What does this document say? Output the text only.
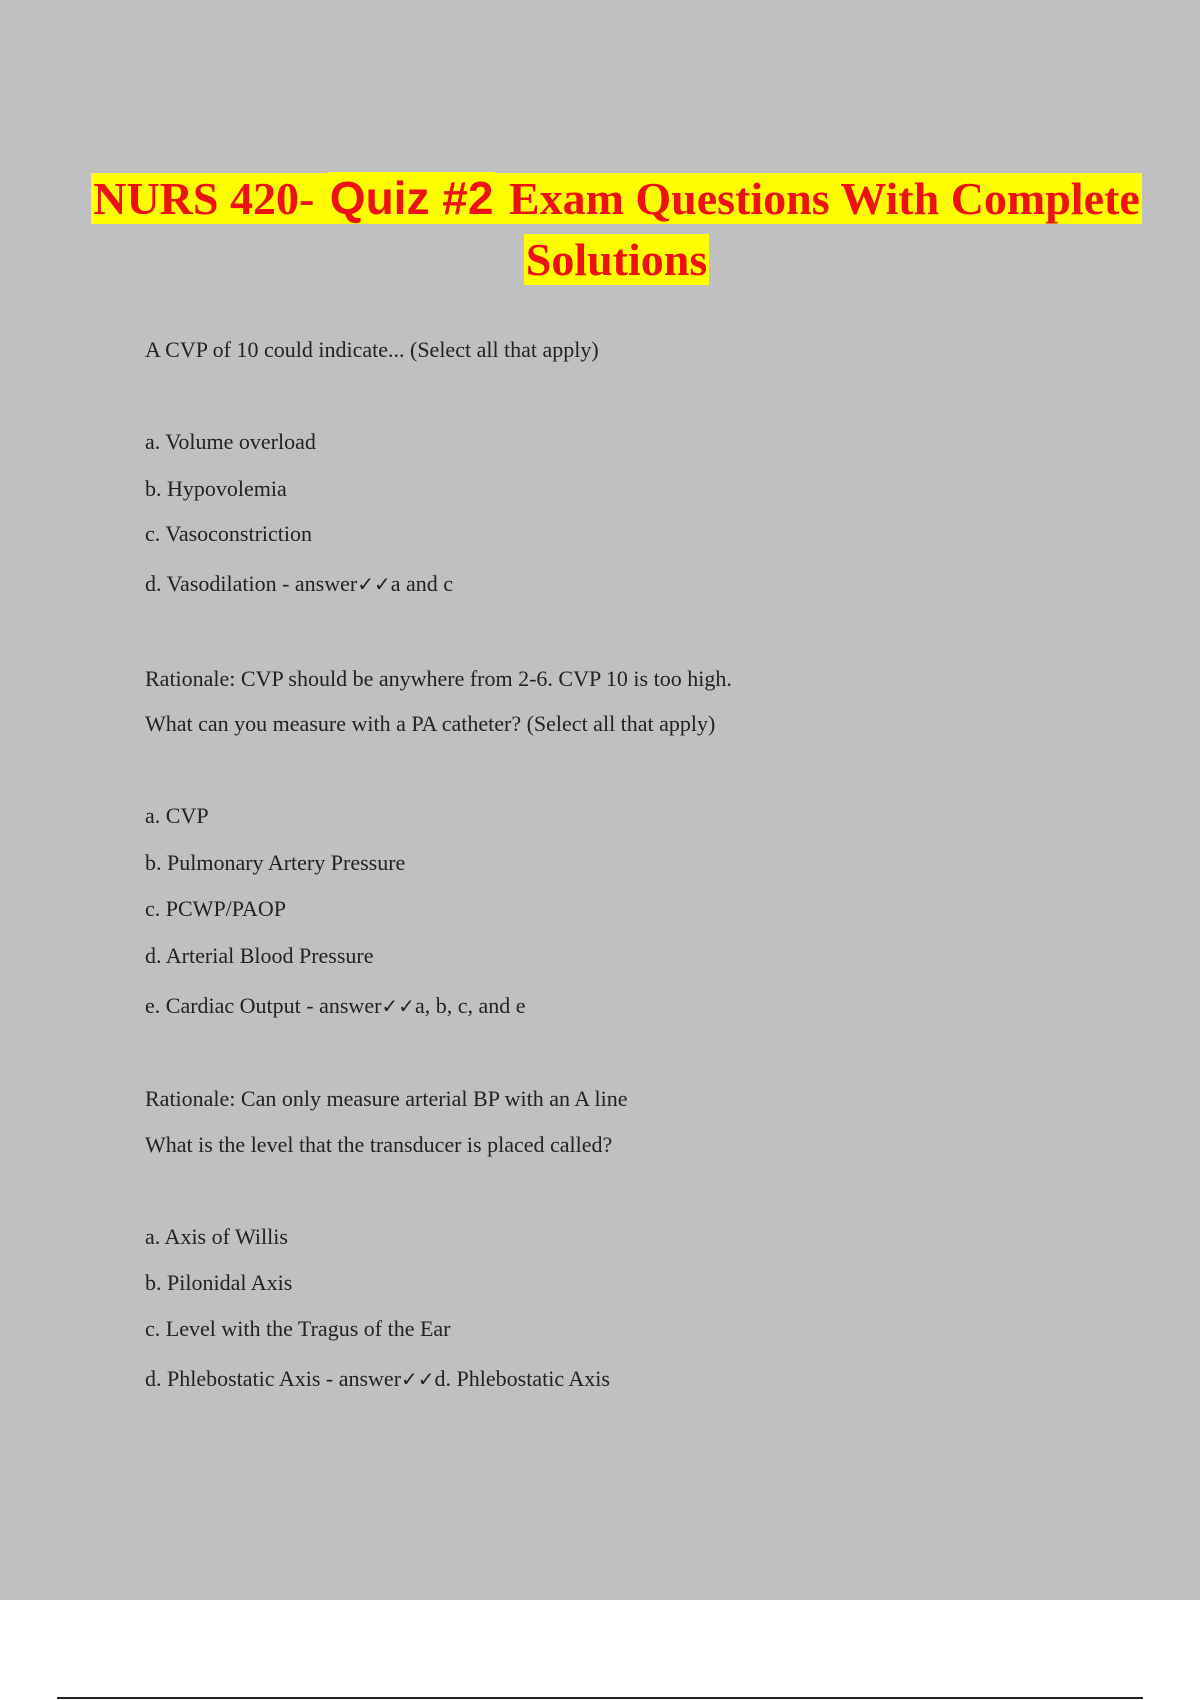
NURS 420- Quiz #2 Exam Questions With Complete Solutions
A CVP of 10 could indicate... (Select all that apply)
a. Volume overload
b. Hypovolemia
c. Vasoconstriction
d. Vasodilation - answer✓✓a and c
Rationale: CVP should be anywhere from 2-6. CVP 10 is too high.
What can you measure with a PA catheter? (Select all that apply)
a. CVP
b. Pulmonary Artery Pressure
c. PCWP/PAOP
d. Arterial Blood Pressure
e. Cardiac Output - answer✓✓a, b, c, and e
Rationale: Can only measure arterial BP with an A line
What is the level that the transducer is placed called?
a. Axis of Willis
b. Pilonidal Axis
c. Level with the Tragus of the Ear
d. Phlebostatic Axis - answer✓✓d. Phlebostatic Axis
